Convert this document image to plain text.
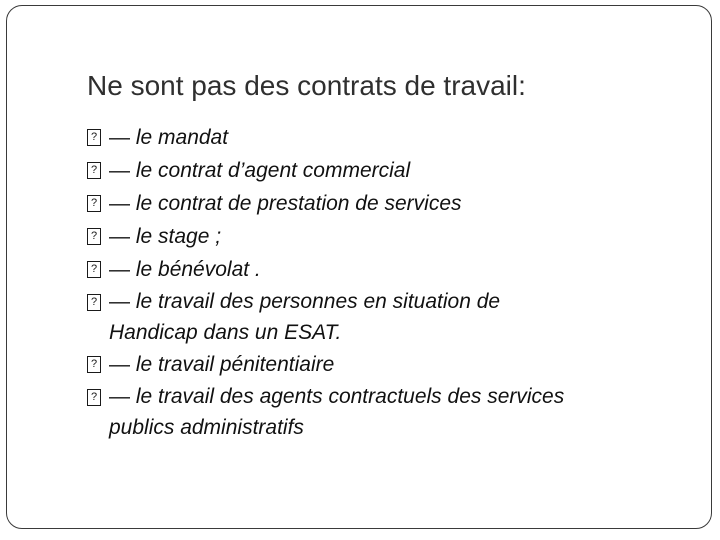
Ne sont pas des contrats de travail:
? — le mandat
? — le contrat d’agent commercial
? — le contrat de prestation de services
? — le stage ;
? — le bénévolat .
? — le travail des personnes en situation de
Handicap dans un ESAT.
? — le travail pénitentiaire
? — le travail des agents contractuels des services
publics administratifs
